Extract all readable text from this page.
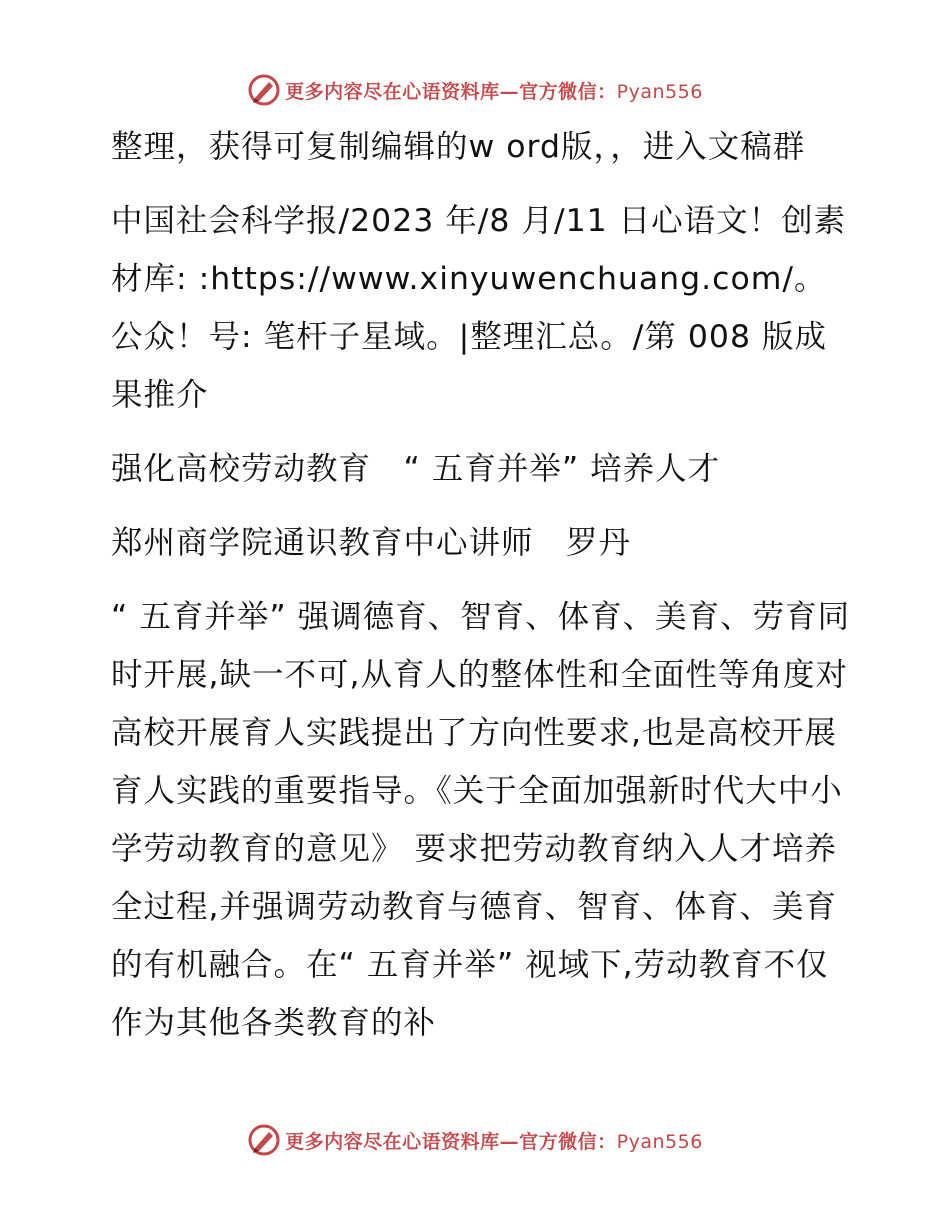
更多内容尽在心语资料库—官方微信：Pyan556

整理，获得可复制编辑的w ord版，，进入文稿群

中国社会科学报/2023 年/8 月/11 日心语文！创素材库: :https://www.xinyuwenchuang.com/。公众！号: 笔杆子星域。|整理汇总。/第 008 版成果推介

强化高校劳动教育　“ 五育并举” 培养人才

郑州商学院通识教育中心讲师　罗丹

“ 五育并举” 强调德育、智育、体育、美育、劳育同时开展,缺一不可,从育人的整体性和全面性等角度对高校开展育人实践提出了方向性要求,也是高校开展育人实践的重要指导。《关于全面加强新时代大中小学劳动教育的意见》 要求把劳动教育纳入人才培养全过程,并强调劳动教育与德育、智育、体育、美育的有机融合。在“ 五育并举” 视域下,劳动教育不仅作为其他各类教育的补

更多内容尽在心语资料库—官方微信：Pyan556
